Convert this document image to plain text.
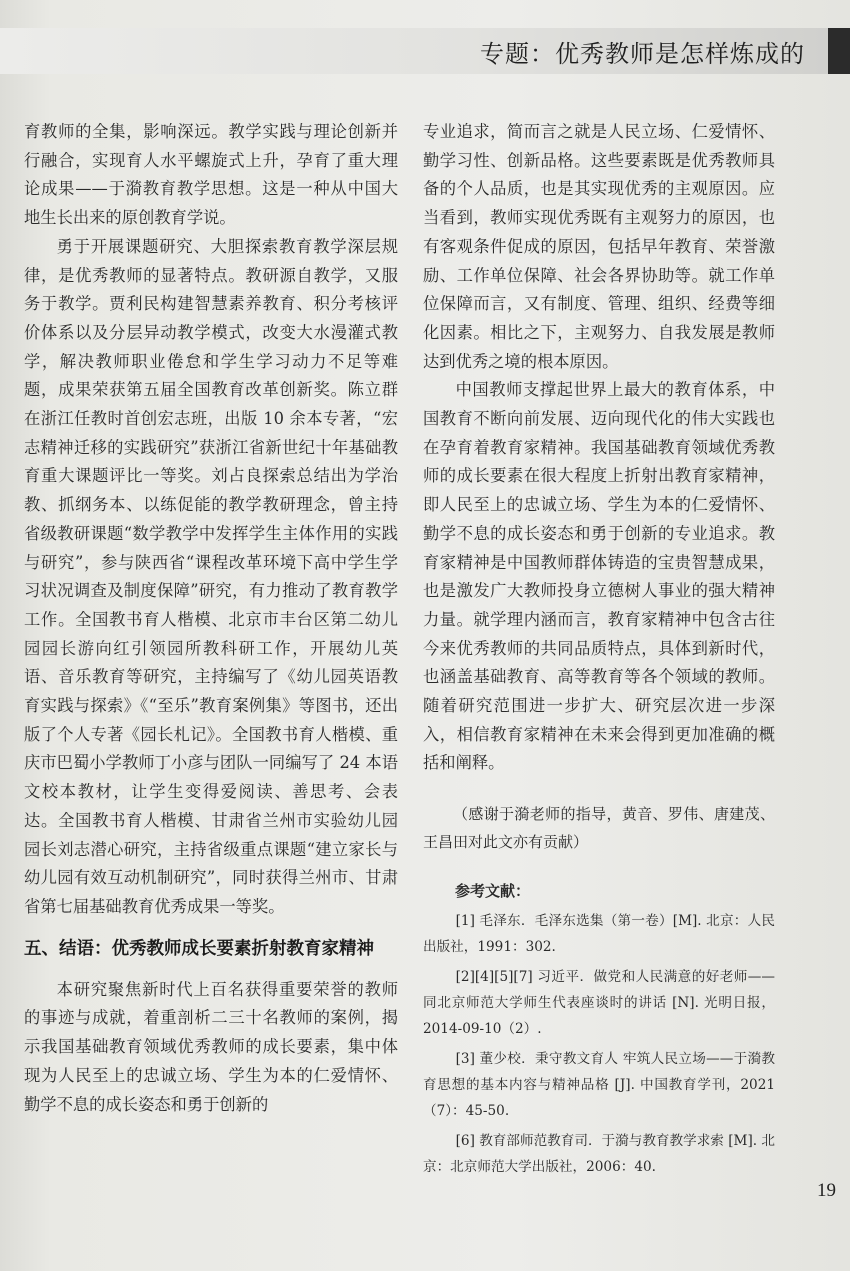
专题：优秀教师是怎样炼成的

育教师的全集，影响深远。教学实践与理论创新并行融合，实现育人水平螺旋式上升，孕育了重大理论成果——于漪教育教学思想。这是一种从中国大地生长出来的原创教育学说。

勇于开展课题研究、大胆探索教育教学深层规律，是优秀教师的显著特点。教研源自教学，又服务于教学。贾利民构建智慧素养教育、积分考核评价体系以及分层异动教学模式，改变大水漫灌式教学，解决教师职业倦怠和学生学习动力不足等难题，成果荣获第五届全国教育改革创新奖。陈立群在浙江任教时首创宏志班，出版 10 余本专著，“宏志精神迁移的实践研究”获浙江省新世纪十年基础教育重大课题评比一等奖。刘占良探索总结出为学治教、抓纲务本、以练促能的教学教研理念，曾主持省级教研课题“数学教学中发挥学生主体作用的实践与研究”，参与陕西省“课程改革环境下高中学生学习状况调查及制度保障”研究，有力推动了教育教学工作。全国教书育人楷模、北京市丰台区第二幼儿园园长游向红引领园所教科研工作，开展幼儿英语、音乐教育等研究，主持编写了《幼儿园英语教育实践与探索》《“至乐”教育案例集》等图书，还出版了个人专著《园长札记》。全国教书育人楷模、重庆市巴蜀小学教师丁小彦与团队一同编写了 24 本语文校本教材，让学生变得爱阅读、善思考、会表达。全国教书育人楷模、甘肃省兰州市实验幼儿园园长刘志潜心研究，主持省级重点课题“建立家长与幼儿园有效互动机制研究”，同时获得兰州市、甘肃省第七届基础教育优秀成果一等奖。

五、结语：优秀教师成长要素折射教育家精神

本研究聚焦新时代上百名获得重要荣誉的教师的事迹与成就，着重剖析二三十名教师的案例，揭示我国基础教育领域优秀教师的成长要素，集中体现为人民至上的忠诚立场、学生为本的仁爱情怀、勤学不息的成长姿态和勇于创新的

专业追求，简而言之就是人民立场、仁爱情怀、勤学习性、创新品格。这些要素既是优秀教师具备的个人品质，也是其实现优秀的主观原因。应当看到，教师实现优秀既有主观努力的原因，也有客观条件促成的原因，包括早年教育、荣誉激励、工作单位保障、社会各界协助等。就工作单位保障而言，又有制度、管理、组织、经费等细化因素。相比之下，主观努力、自我发展是教师达到优秀之境的根本原因。

中国教师支撑起世界上最大的教育体系，中国教育不断向前发展、迈向现代化的伟大实践也在孕育着教育家精神。我国基础教育领域优秀教师的成长要素在很大程度上折射出教育家精神，即人民至上的忠诚立场、学生为本的仁爱情怀、勤学不息的成长姿态和勇于创新的专业追求。教育家精神是中国教师群体铸造的宝贵智慧成果，也是激发广大教师投身立德树人事业的强大精神力量。就学理内涵而言，教育家精神中包含古往今来优秀教师的共同品质特点，具体到新时代，也涵盖基础教育、高等教育等各个领域的教师。随着研究范围进一步扩大、研究层次进一步深入，相信教育家精神在未来会得到更加准确的概括和阐释。

（感谢于漪老师的指导，黄音、罗伟、唐建茂、王昌田对此文亦有贡献）
参考文献：
[1] 毛泽东．毛泽东选集（第一卷）[M]. 北京：人民出版社，1991：302.
[2][4][5][7] 习近平．做党和人民满意的好老师——同北京师范大学师生代表座谈时的讲话 [N]. 光明日报，2014-09-10（2）.
[3] 董少校．秉守教文育人 牢筑人民立场——于漪教育思想的基本内容与精神品格 [J]. 中国教育学刊，2021（7）：45-50.
[6] 教育部师范教育司．于漪与教育教学求索 [M]. 北京：北京师范大学出版社，2006：40.
19
